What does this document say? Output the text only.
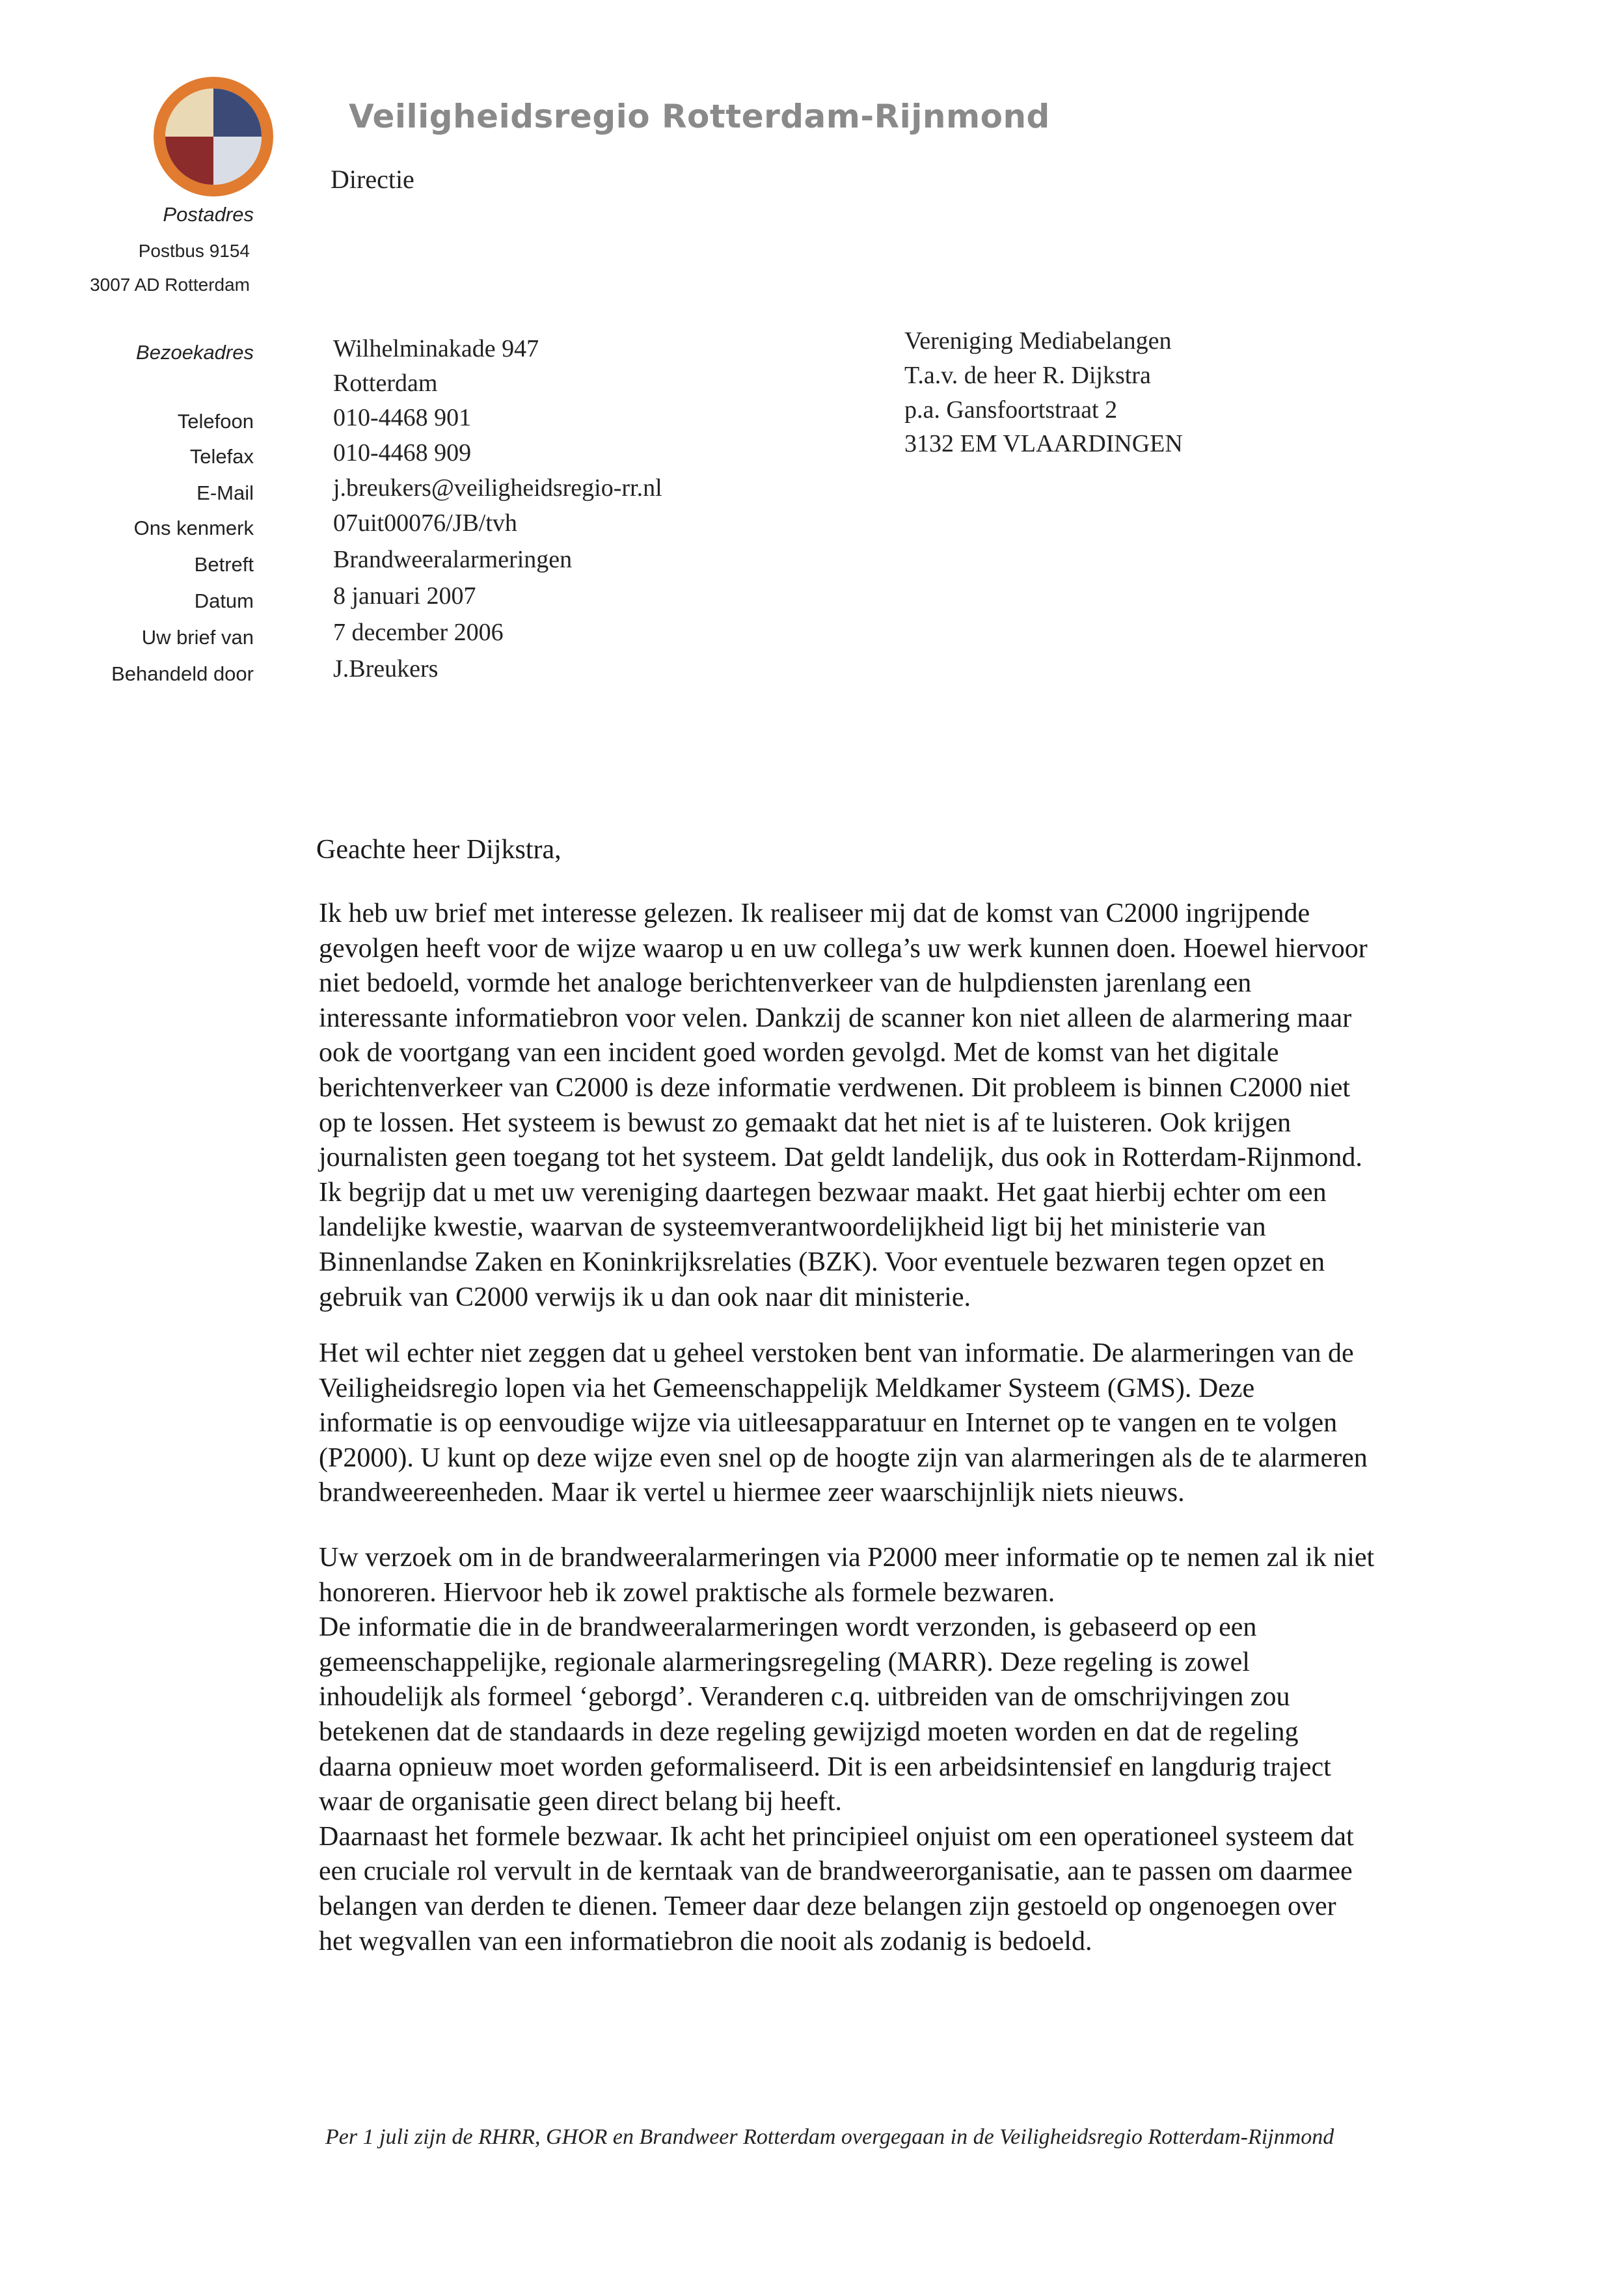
Veiligheidsregio Rotterdam-Rijnmond
Directie
Postadres
Postbus 9154
3007 AD Rotterdam
Bezoekadres	Wilhelminakade 947
Rotterdam
Telefoon	010-4468 901
Telefax	010-4468 909
E-Mail	j.breukers@veiligheidsregio-rr.nl
Ons kenmerk	07uit00076/JB/tvh
Betreft	Brandweeralarmeringen
Datum	8 januari 2007
Uw brief van	7 december 2006
Behandeld door	J.Breukers
Vereniging Mediabelangen
T.a.v. de heer R. Dijkstra
p.a. Gansfoortstraat 2
3132 EM VLAARDINGEN
Geachte heer Dijkstra,
Ik heb uw brief met interesse gelezen. Ik realiseer mij dat de komst van C2000 ingrijpende
gevolgen heeft voor de wijze waarop u en uw collega’s uw werk kunnen doen. Hoewel hiervoor
niet bedoeld, vormde het analoge berichtenverkeer van de hulpdiensten jarenlang een
interessante informatiebron voor velen. Dankzij de scanner kon niet alleen de alarmering maar
ook de voortgang van een incident goed worden gevolgd. Met de komst van het digitale
berichtenverkeer van C2000 is deze informatie verdwenen. Dit probleem is binnen C2000 niet
op te lossen. Het systeem is bewust zo gemaakt dat het niet is af te luisteren. Ook krijgen
journalisten geen toegang tot het systeem. Dat geldt landelijk, dus ook in Rotterdam-Rijnmond.
Ik begrijp dat u met uw vereniging daartegen bezwaar maakt. Het gaat hierbij echter om een
landelijke kwestie, waarvan de systeemverantwoordelijkheid ligt bij het ministerie van
Binnenlandse Zaken en Koninkrijksrelaties (BZK). Voor eventuele bezwaren tegen opzet en
gebruik van C2000 verwijs ik u dan ook naar dit ministerie.
Het wil echter niet zeggen dat u geheel verstoken bent van informatie. De alarmeringen van de
Veiligheidsregio lopen via het Gemeenschappelijk Meldkamer Systeem (GMS). Deze
informatie is op eenvoudige wijze via uitleesapparatuur en Internet op te vangen en te volgen
(P2000). U kunt op deze wijze even snel op de hoogte zijn van alarmeringen als de te alarmeren
brandweereenheden. Maar ik vertel u hiermee zeer waarschijnlijk niets nieuws.
Uw verzoek om in de brandweeralarmeringen via P2000 meer informatie op te nemen zal ik niet
honoreren. Hiervoor heb ik zowel praktische als formele bezwaren.
De informatie die in de brandweeralarmeringen wordt verzonden, is gebaseerd op een
gemeenschappelijke, regionale alarmeringsregeling (MARR). Deze regeling is zowel
inhoudelijk als formeel ‘geborgd’. Veranderen c.q. uitbreiden van de omschrijvingen zou
betekenen dat de standaards in deze regeling gewijzigd moeten worden en dat de regeling
daarna opnieuw moet worden geformaliseerd. Dit is een arbeidsintensief en langdurig traject
waar de organisatie geen direct belang bij heeft.
Daarnaast het formele bezwaar. Ik acht het principieel onjuist om een operationeel systeem dat
een cruciale rol vervult in de kerntaak van de brandweerorganisatie, aan te passen om daarmee
belangen van derden te dienen. Temeer daar deze belangen zijn gestoeld op ongenoegen over
het wegvallen van een informatiebron die nooit als zodanig is bedoeld.
Per 1 juli zijn de RHRR, GHOR en Brandweer Rotterdam overgegaan in de Veiligheidsregio Rotterdam-Rijnmond
